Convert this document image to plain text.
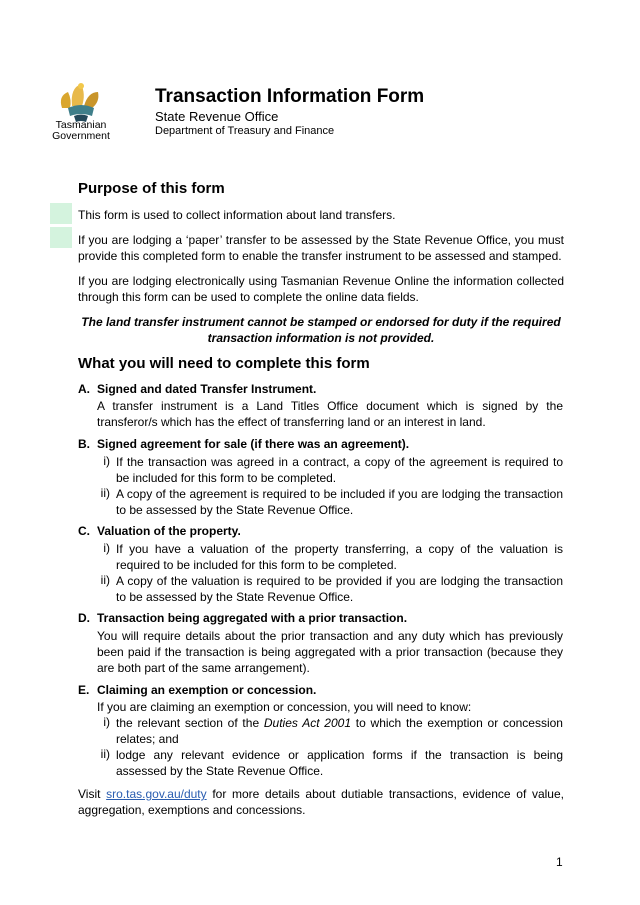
Tasmanian
Government
Transaction Information Form
State Revenue Office
Department of Treasury and Finance
Purpose of this form
This form is used to collect information about land transfers.
If you are lodging a ‘paper’ transfer to be assessed by the State Revenue Office, you must provide this completed form to enable the transfer instrument to be assessed and stamped.
If you are lodging electronically using Tasmanian Revenue Online the information collected through this form can be used to complete the online data fields.
The land transfer instrument cannot be stamped or endorsed for duty if the required
transaction information is not provided.
What you will need to complete this form
A. Signed and dated Transfer Instrument.
A transfer instrument is a Land Titles Office document which is signed by the transferor/s which has the effect of transferring land or an interest in land.
B. Signed agreement for sale (if there was an agreement).
i) If the transaction was agreed in a contract, a copy of the agreement is required to be included for this form to be completed.
ii) A copy of the agreement is required to be included if you are lodging the transaction to be assessed by the State Revenue Office.
C. Valuation of the property.
i) If you have a valuation of the property transferring, a copy of the valuation is required to be included for this form to be completed.
ii) A copy of the valuation is required to be provided if you are lodging the transaction to be assessed by the State Revenue Office.
D. Transaction being aggregated with a prior transaction.
You will require details about the prior transaction and any duty which has previously been paid if the transaction is being aggregated with a prior transaction (because they are both part of the same arrangement).
E. Claiming an exemption or concession.
If you are claiming an exemption or concession, you will need to know:
i) the relevant section of the Duties Act 2001 to which the exemption or concession relates; and
ii) lodge any relevant evidence or application forms if the transaction is being assessed by the State Revenue Office.
Visit sro.tas.gov.au/duty for more details about dutiable transactions, evidence of value, aggregation, exemptions and concessions.
1
